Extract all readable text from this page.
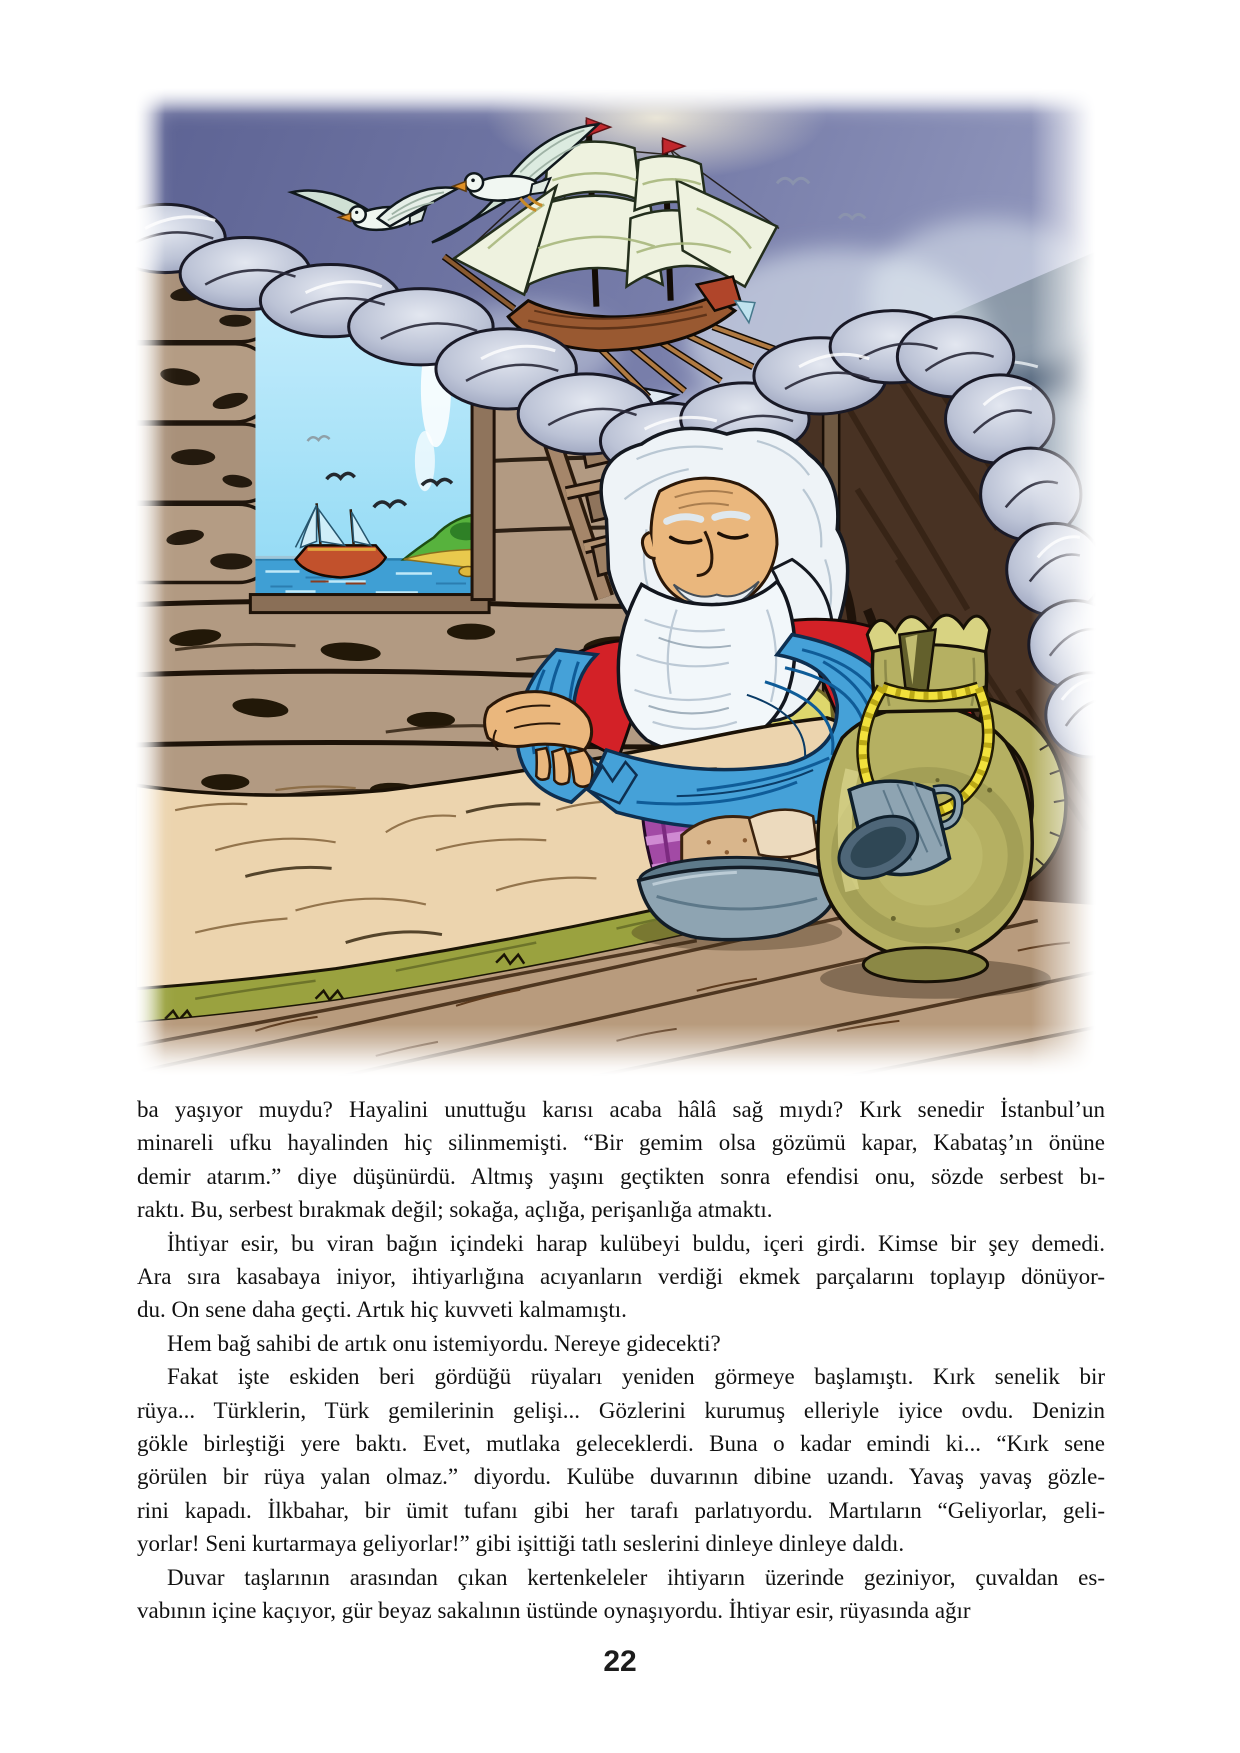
ba yaşıyor muydu? Hayalini unuttuğu karısı acaba hâlâ sağ mıydı? Kırk senedir İstanbul’un
minareli ufku hayalinden hiç silinmemişti. “Bir gemim olsa gözümü kapar, Kabataş’ın önüne
demir atarım.” diye düşünürdü. Altmış yaşını geçtikten sonra efendisi onu, sözde serbest bı-
raktı. Bu, serbest bırakmak değil; sokağa, açlığa, perişanlığa atmaktı.
İhtiyar esir, bu viran bağın içindeki harap kulübeyi buldu, içeri girdi. Kimse bir şey demedi.
Ara sıra kasabaya iniyor, ihtiyarlığına acıyanların verdiği ekmek parçalarını toplayıp dönüyor-
du. On sene daha geçti. Artık hiç kuvveti kalmamıştı.
Hem bağ sahibi de artık onu istemiyordu. Nereye gidecekti?
Fakat işte eskiden beri gördüğü rüyaları yeniden görmeye başlamıştı. Kırk senelik bir
rüya... Türklerin, Türk gemilerinin gelişi... Gözlerini kurumuş elleriyle iyice ovdu. Denizin
gökle birleştiği yere baktı. Evet, mutlaka geleceklerdi. Buna o kadar emindi ki... “Kırk sene
görülen bir rüya yalan olmaz.” diyordu. Kulübe duvarının dibine uzandı. Yavaş yavaş gözle-
rini kapadı. İlkbahar, bir ümit tufanı gibi her tarafı parlatıyordu. Martıların “Geliyorlar, geli-
yorlar! Seni kurtarmaya geliyorlar!” gibi işittiği tatlı seslerini dinleye dinleye daldı.
Duvar taşlarının arasından çıkan kertenkeleler ihtiyarın üzerinde geziniyor, çuvaldan es-
vabının içine kaçıyor, gür beyaz sakalının üstünde oynaşıyordu. İhtiyar esir, rüyasında ağır
22
